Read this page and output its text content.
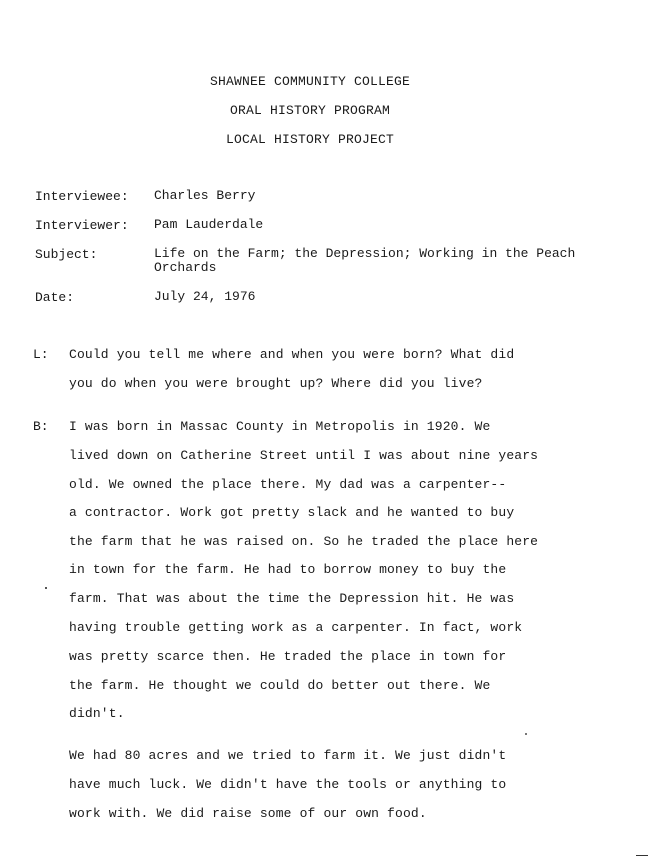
SHAWNEE COMMUNITY COLLEGE
ORAL HISTORY PROGRAM
LOCAL HISTORY PROJECT
Interviewee: Charles Berry
Interviewer: Pam Lauderdale
Subject:	Life on the Farm; the Depression; Working in the Peach Orchards
Date:	July 24, 1976
L: Could you tell me where and when you were born? What did
you do when you were brought up? Where did you live?
B: I was born in Massac County in Metropolis in 1920. We
lived down on Catherine Street until I was about nine years
old. We owned the place there. My dad was a carpenter--
a contractor. Work got pretty slack and he wanted to buy
the farm that he was raised on. So he traded the place here
in town for the farm. He had to borrow money to buy the
farm. That was about the time the Depression hit. He was
having trouble getting work as a carpenter. In fact, work
was pretty scarce then. He traded the place in town for
the farm. He thought we could do better out there. We
didn't.
We had 80 acres and we tried to farm it. We just didn't
have much luck. We didn't have the tools or anything to
work with. We did raise some of our own food.
